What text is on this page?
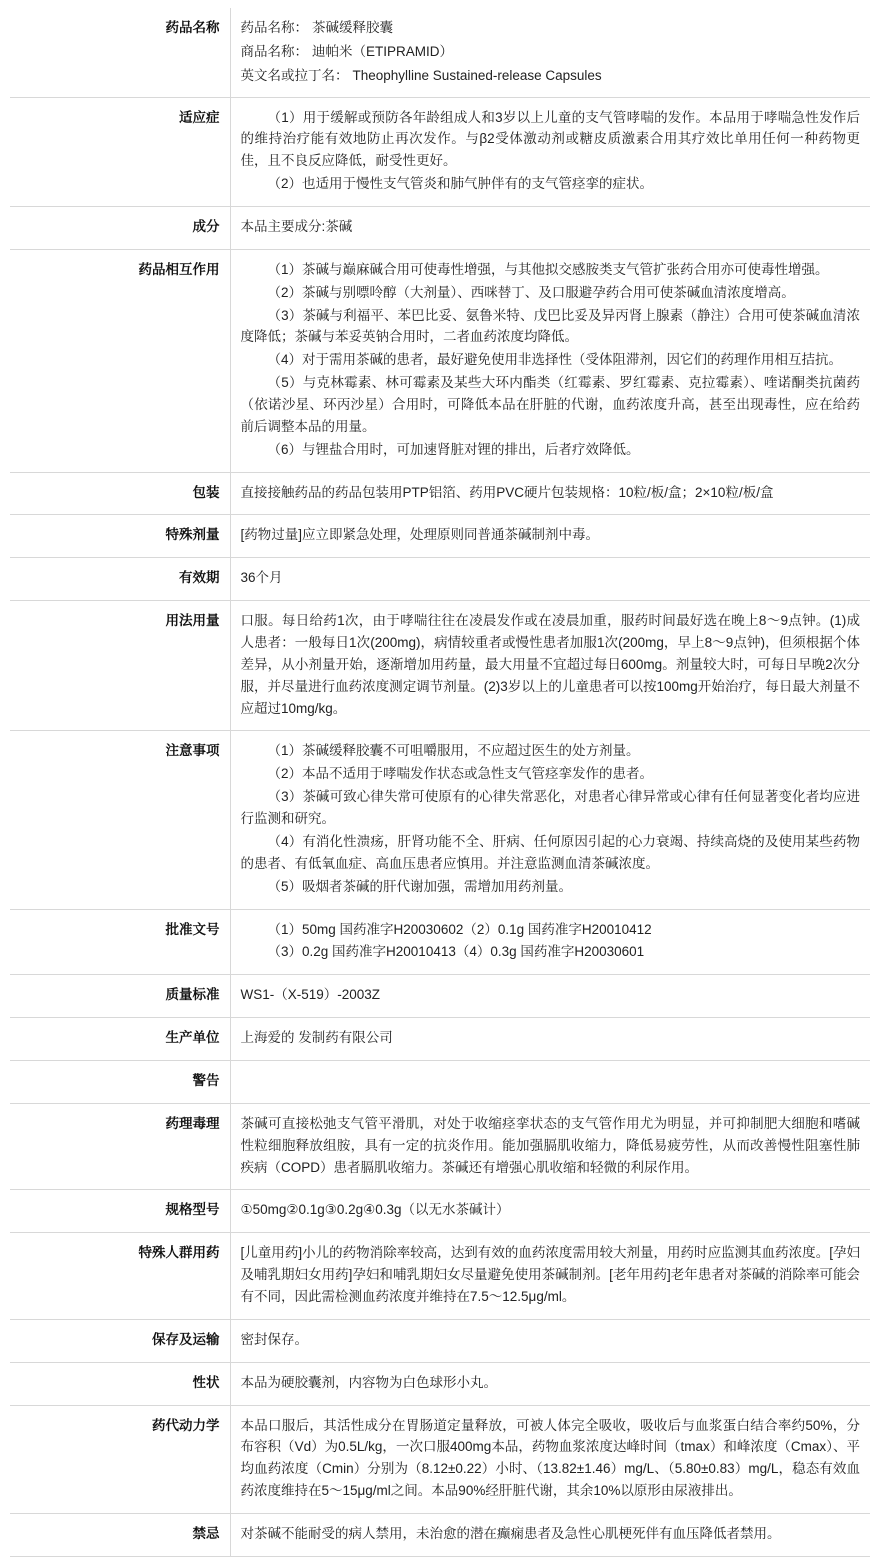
药品名称	药品名称： 茶碱缓释胶囊
商品名称： 迪帕米（ETIPRAMID）
英文名或拉丁名： Theophylline Sustained-release Capsules

适应症	（1）用于缓解或预防各年龄组成人和3岁以上儿童的支气管哮喘的发作。本品用于哮喘急性发作后的维持治疗能有效地防止再次发作。与β2受体激动剂或糖皮质激素合用其疗效比单用任何一种药物更佳，且不良反应降低，耐受性更好。
（2）也适用于慢性支气管炎和肺气肿伴有的支气管痉挛的症状。

成分	本品主要成分:茶碱

药品相互作用	（1）茶碱与巅麻碱合用可使毒性增强，与其他拟交感胺类支气管扩张药合用亦可使毒性增强。
（2）茶碱与别嘌呤醇（大剂量）、西咪替丁、及口服避孕药合用可使茶碱血清浓度增高。
（3）茶碱与利福平、苯巴比妥、氨鲁米特、戊巴比妥及异丙肾上腺素（静注）合用可使茶碱血清浓度降低；茶碱与苯妥英钠合用时，二者血药浓度均降低。
（4）对于需用茶碱的患者，最好避免使用非选择性（受体阻滞剂，因它们的药理作用相互拮抗。
（5）与克林霉素、林可霉素及某些大环内酯类（红霉素、罗红霉素、克拉霉素）、喹诺酮类抗菌药（依诺沙星、环丙沙星）合用时，可降低本品在肝脏的代谢，血药浓度升高，甚至出现毒性，应在给药前后调整本品的用量。
（6）与锂盐合用时，可加速肾脏对锂的排出，后者疗效降低。

包装	直接接触药品的药品包装用PTP铝箔、药用PVC硬片包装规格：10粒/板/盒；2×10粒/板/盒

特殊剂量	[药物过量]应立即紧急处理，处理原则同普通茶碱制剂中毒。

有效期	36个月

用法用量	口服。每日给药1次，由于哮喘往往在凌晨发作或在凌晨加重，服药时间最好选在晚上8～9点钟。(1)成人患者：一般每日1次(200mg)，病情较重者或慢性患者加服1次(200mg，早上8～9点钟)，但须根据个体差异，从小剂量开始，逐渐增加用药量，最大用量不宜超过每日600mg。剂量较大时，可每日早晚2次分服，并尽量进行血药浓度测定调节剂量。(2)3岁以上的儿童患者可以按100mg开始治疗，每日最大剂量不应超过10mg/kg。

注意事项	（1）茶碱缓释胶囊不可咀嚼服用，不应超过医生的处方剂量。
（2）本品不适用于哮喘发作状态或急性支气管痉挛发作的患者。
（3）茶碱可致心律失常可使原有的心律失常恶化，对患者心律异常或心律有任何显著变化者均应进行监测和研究。
（4）有消化性溃疡，肝肾功能不全、肝病、任何原因引起的心力衰竭、持续高烧的及使用某些药物的患者、有低氧血症、高血压患者应慎用。并注意监测血清茶碱浓度。
（5）吸烟者茶碱的肝代谢加强，需增加用药剂量。

批准文号	（1）50mg 国药准字H20030602（2）0.1g 国药准字H20010412
（3）0.2g 国药准字H20010413（4）0.3g 国药准字H20030601

质量标准	WS1-（X-519）-2003Z

生产单位	上海爱的 发制药有限公司

警告	

药理毒理	茶碱可直接松弛支气管平滑肌，对处于收缩痉挛状态的支气管作用尤为明显，并可抑制肥大细胞和嗜碱性粒细胞释放组胺，具有一定的抗炎作用。能加强膈肌收缩力，降低易疲劳性，从而改善慢性阻塞性肺疾病（COPD）患者膈肌收缩力。茶碱还有增强心肌收缩和轻微的利尿作用。

规格型号	①50mg②0.1g③0.2g④0.3g（以无水茶碱计）

特殊人群用药	[儿童用药]小儿的药物消除率较高，达到有效的血药浓度需用较大剂量，用药时应监测其血药浓度。[孕妇及哺乳期妇女用药]孕妇和哺乳期妇女尽量避免使用茶碱制剂。[老年用药]老年患者对茶碱的消除率可能会有不同，因此需检测血药浓度并维持在7.5～12.5μg/ml。

保存及运输	密封保存。

性状	本品为硬胶囊剂，内容物为白色球形小丸。

药代动力学	本品口服后，其活性成分在胃肠道定量释放，可被人体完全吸收，吸收后与血浆蛋白结合率约50%，分布容积（Vd）为0.5L/kg，一次口服400mg本品，药物血浆浓度达峰时间（tmax）和峰浓度（Cmax）、平均血药浓度（Cmin）分别为（8.12±0.22）小时、（13.82±1.46）mg/L、（5.80±0.83）mg/L，稳态有效血药浓度维持在5～15μg/ml之间。本品90%经肝脏代谢，其余10%以原形由尿液排出。

禁忌	对茶碱不能耐受的病人禁用，未治愈的潜在癫痫患者及急性心肌梗死伴有血压降低者禁用。
